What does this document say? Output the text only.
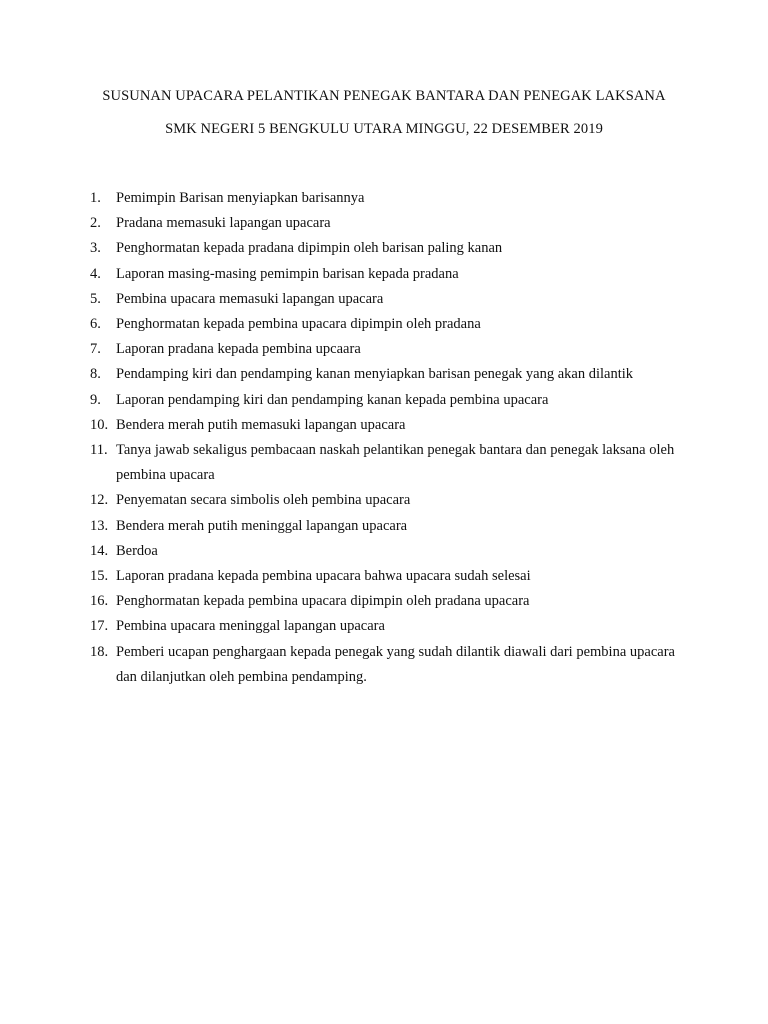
SUSUNAN UPACARA PELANTIKAN PENEGAK BANTARA DAN PENEGAK LAKSANA
SMK NEGERI 5 BENGKULU UTARA MINGGU, 22 DESEMBER 2019
1. Pemimpin Barisan menyiapkan barisannya
2. Pradana memasuki lapangan upacara
3. Penghormatan kepada pradana dipimpin oleh barisan paling kanan
4. Laporan masing-masing pemimpin barisan kepada pradana
5. Pembina upacara memasuki lapangan upacara
6. Penghormatan kepada pembina upacara dipimpin oleh pradana
7. Laporan pradana kepada pembina upcaara
8. Pendamping kiri dan pendamping kanan menyiapkan barisan penegak yang akan dilantik
9. Laporan pendamping kiri dan pendamping kanan kepada pembina upacara
10. Bendera merah putih memasuki lapangan upacara
11. Tanya jawab sekaligus pembacaan naskah pelantikan penegak bantara dan penegak laksana oleh pembina upacara
12. Penyematan secara simbolis oleh pembina upacara
13. Bendera merah putih meninggal lapangan upacara
14. Berdoa
15. Laporan pradana kepada pembina upacara bahwa upacara sudah selesai
16. Penghormatan kepada pembina upacara dipimpin oleh pradana upacara
17. Pembina upacara meninggal lapangan upacara
18. Pemberi ucapan penghargaan kepada penegak yang sudah dilantik diawali dari pembina upacara dan dilanjutkan oleh pembina pendamping.
